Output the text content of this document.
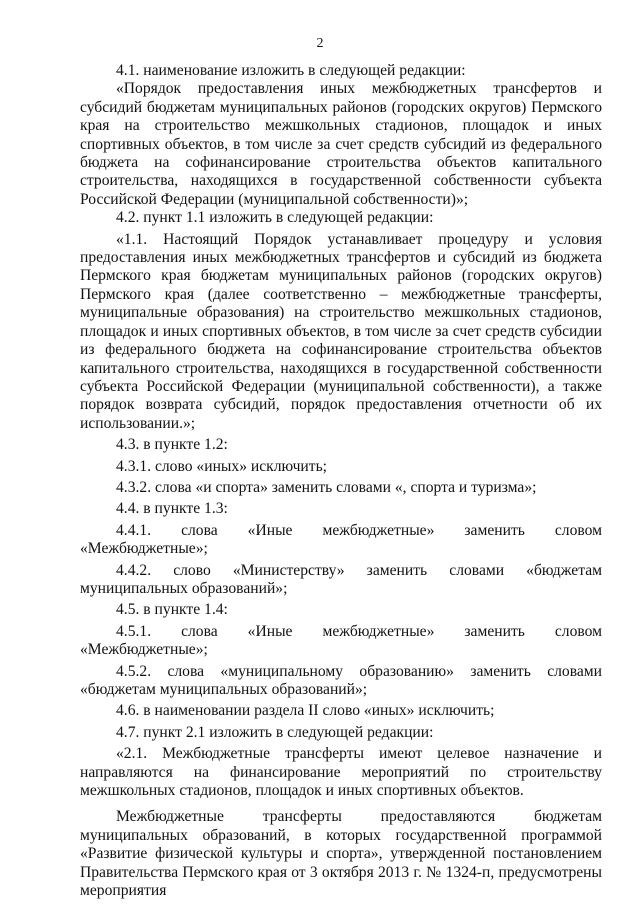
2

4.1. наименование изложить в следующей редакции:

«Порядок предоставления иных межбюджетных трансфертов и субсидий бюджетам муниципальных районов (городских округов) Пермского края на строительство межшкольных стадионов, площадок и иных спортивных объектов, в том числе за счет средств субсидий из федерального бюджета на софинансирование строительства объектов капитального строительства, находящихся в государственной собственности субъекта Российской Федерации (муниципальной собственности)»;

4.2. пункт 1.1 изложить в следующей редакции:

«1.1. Настоящий Порядок устанавливает процедуру и условия предоставления иных межбюджетных трансфертов и субсидий из бюджета Пермского края бюджетам муниципальных районов (городских округов) Пермского края (далее соответственно – межбюджетные трансферты, муниципальные образования) на строительство межшкольных стадионов, площадок и иных спортивных объектов, в том числе за счет средств субсидии из федерального бюджета на софинансирование строительства объектов капитального строительства, находящихся в государственной собственности субъекта Российской Федерации (муниципальной собственности), а также порядок возврата субсидий, порядок предоставления отчетности об их использовании.»;

4.3. в пункте 1.2:

4.3.1. слово «иных» исключить;

4.3.2. слова «и спорта» заменить словами «, спорта и туризма»;

4.4. в пункте 1.3:

4.4.1. слова «Иные межбюджетные» заменить словом «Межбюджетные»;

4.4.2. слово «Министерству» заменить словами «бюджетам муниципальных образований»;

4.5. в пункте 1.4:

4.5.1. слова «Иные межбюджетные» заменить словом «Межбюджетные»;

4.5.2. слова «муниципальному образованию» заменить словами «бюджетам муниципальных образований»;

4.6. в наименовании раздела II слово «иных» исключить;

4.7. пункт 2.1 изложить в следующей редакции:

«2.1. Межбюджетные трансферты имеют целевое назначение и направляются на финансирование мероприятий по строительству межшкольных стадионов, площадок и иных спортивных объектов.

Межбюджетные трансферты предоставляются бюджетам муниципальных образований, в которых государственной программой «Развитие физической культуры и спорта», утвержденной постановлением Правительства Пермского края от 3 октября 2013 г. № 1324-п, предусмотрены мероприятия
